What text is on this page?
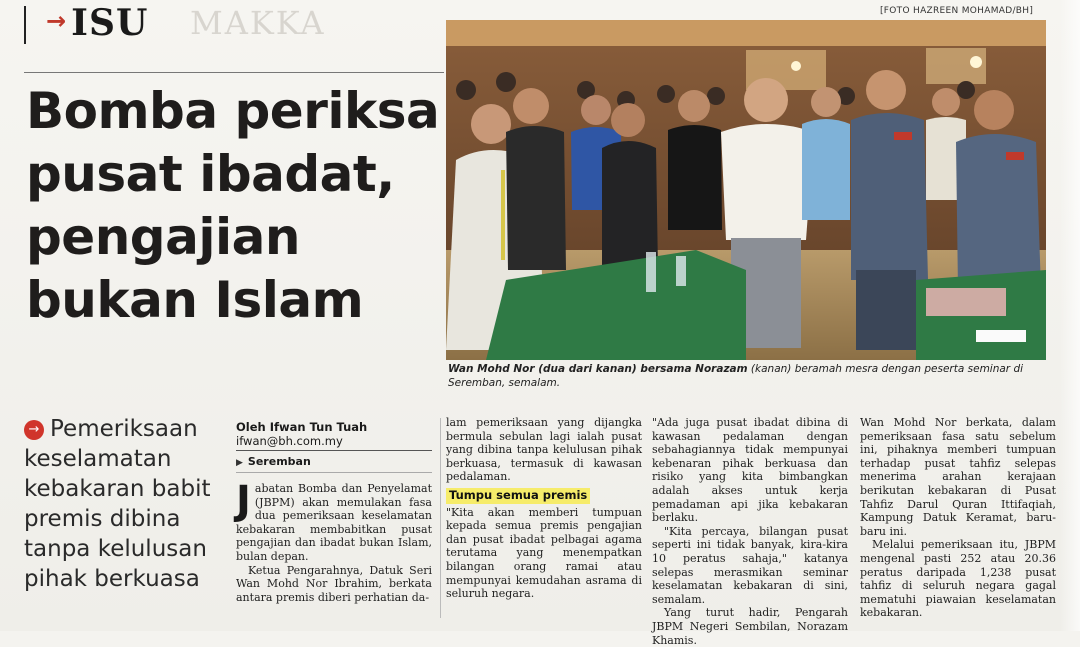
→ ISU MAKKA
Bomba periksa
pusat ibadat,
pengajian
bukan Islam
[FOTO HAZREEN MOHAMAD/BH]

Wan Mohd Nor (dua dari kanan) bersama Norazam (kanan) beramah mesra dengan peserta seminar di Seremban, semalam.

→ Pemeriksaan keselamatan kebakaran babit premis dibina tanpa kelulusan pihak berkuasa
Oleh Ifwan Tun Tuah
ifwan@bh.com.my
▶ Seremban

Jabatan Bomba dan Penyelamat (JBPM) akan memulakan fasa dua pemeriksaan keselamatan kebakaran membabitkan pusat pengajian dan ibadat bukan Islam, bulan depan.

Ketua Pengarahnya, Datuk Seri Wan Mohd Nor Ibrahim, berkata antara premis diberi perhatian da-

lam pemeriksaan yang dijangka bermula sebulan lagi ialah pusat yang dibina tanpa kelulusan pihak berkuasa, termasuk di kawasan pedalaman.

Tumpu semua premis

"Kita akan memberi tumpuan kepada semua premis pengajian dan pusat ibadat pelbagai agama terutama yang menempatkan bilangan orang ramai atau mempunyai kemudahan asrama di seluruh negara.

"Ada juga pusat ibadat dibina di kawasan pedalaman dengan sebahagiannya tidak mempunyai kebenaran pihak berkuasa dan risiko yang kita bimbangkan adalah akses untuk kerja pemadaman api jika kebakaran berlaku.

"Kita percaya, bilangan pusat seperti ini tidak banyak, kira-kira 10 peratus sahaja," katanya selepas merasmikan seminar keselamatan kebakaran di sini, semalam.

Yang turut hadir, Pengarah JBPM Negeri Sembilan, Norazam Khamis.

Wan Mohd Nor berkata, dalam pemeriksaan fasa satu sebelum ini, pihaknya memberi tumpuan terhadap pusat tahfiz selepas menerima arahan kerajaan berikutan kebakaran di Pusat Tahfiz Darul Quran Ittifaqiah, Kampung Datuk Keramat, baru-baru ini.

Melalui pemeriksaan itu, JBPM mengenal pasti 252 atau 20.36 peratus daripada 1,238 pusat tahfiz di seluruh negara gagal mematuhi piawaian keselamatan kebakaran.
